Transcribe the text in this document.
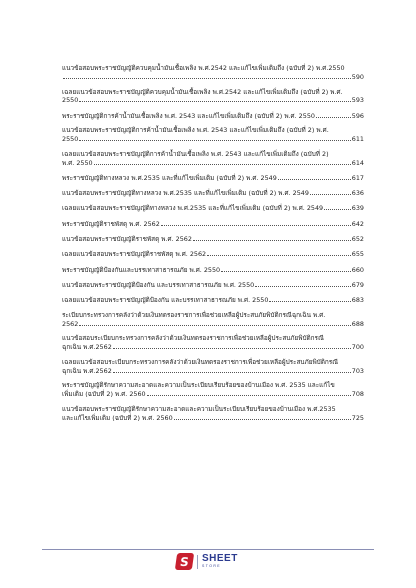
แนวข้อสอบพระราชบัญญัติควบคุมน้ำมันเชื้อเพลิง พ.ศ.2542 และแก้ไขเพิ่มเติมถึง (ฉบับที่ 2) พ.ศ.2550
590
เฉลยแนวข้อสอบพระราชบัญญัติควบคุมน้ำมันเชื้อเพลิง พ.ศ.2542 และแก้ไขเพิ่มเติมถึง (ฉบับที่ 2) พ.ศ.
2550	593
พระราชบัญญัติการค้าน้ำมันเชื้อเพลิง พ.ศ. 2543 และแก้ไขเพิ่มเติมถึง (ฉบับที่ 2) พ.ศ. 2550	596
แนวข้อสอบพระราชบัญญัติการค้าน้ำมันเชื้อเพลิง พ.ศ. 2543 และแก้ไขเพิ่มเติมถึง (ฉบับที่ 2) พ.ศ.
2550	611
เฉลยแนวข้อสอบพระราชบัญญัติการค้าน้ำมันเชื้อเพลิง พ.ศ. 2543 และแก้ไขเพิ่มเติมถึง (ฉบับที่ 2)
พ.ศ. 2550	614
พระราชบัญญัติทางหลวง พ.ศ.2535 และที่แก้ไขเพิ่มเติม (ฉบับที่ 2) พ.ศ. 2549	617
แนวข้อสอบพระราชบัญญัติทางหลวง พ.ศ.2535 และที่แก้ไขเพิ่มเติม (ฉบับที่ 2) พ.ศ. 2549	636
เฉลยแนวข้อสอบพระราชบัญญัติทางหลวง พ.ศ.2535 และที่แก้ไขเพิ่มเติม (ฉบับที่ 2) พ.ศ. 2549	639
พระราชบัญญัติราชพัสดุ พ.ศ. 2562	642
แนวข้อสอบพระราชบัญญัติราชพัสดุ พ.ศ. 2562	652
เฉลยแนวข้อสอบพระราชบัญญัติราชพัสดุ พ.ศ. 2562	655
พระราชบัญญัติป้องกันและบรรเทาสาธารณภัย พ.ศ. 2550	660
แนวข้อสอบพระราชบัญญัติป้องกัน และบรรเทาสาธารณภัย พ.ศ. 2550	679
เฉลยแนวข้อสอบพระราชบัญญัติป้องกัน และบรรเทาสาธารณภัย พ.ศ. 2550	683
ระเบียบกระทรวงการคลังว่าด้วยเงินทดรองราชการเพื่อช่วยเหลือผู้ประสบภัยพิบัติกรณีฉุกเฉิน พ.ศ.
2562	688
แนวข้อสอบระเบียบกระทรวงการคลังว่าด้วยเงินทดรองราชการเพื่อช่วยเหลือผู้ประสบภัยพิบัติกรณี
ฉุกเฉิน พ.ศ.2562	700
เฉลยแนวข้อสอบระเบียบกระทรวงการคลังว่าด้วยเงินทดรองราชการเพื่อช่วยเหลือผู้ประสบภัยพิบัติกรณี
ฉุกเฉิน พ.ศ.2562	703
พระราชบัญญัติรักษาความสะอาดและความเป็นระเบียบเรียบร้อยของบ้านเมือง พ.ศ. 2535 และแก้ไข
เพิ่มเติม (ฉบับที่ 2) พ.ศ. 2560	708
แนวข้อสอบพระราชบัญญัติรักษาความสะอาดและความเป็นระเบียบเรียบร้อยของบ้านเมือง พ.ศ.2535
และแก้ไขเพิ่มเติม (ฉบับที่ 2) พ.ศ. 2560	725
S	SHEET
STORE
